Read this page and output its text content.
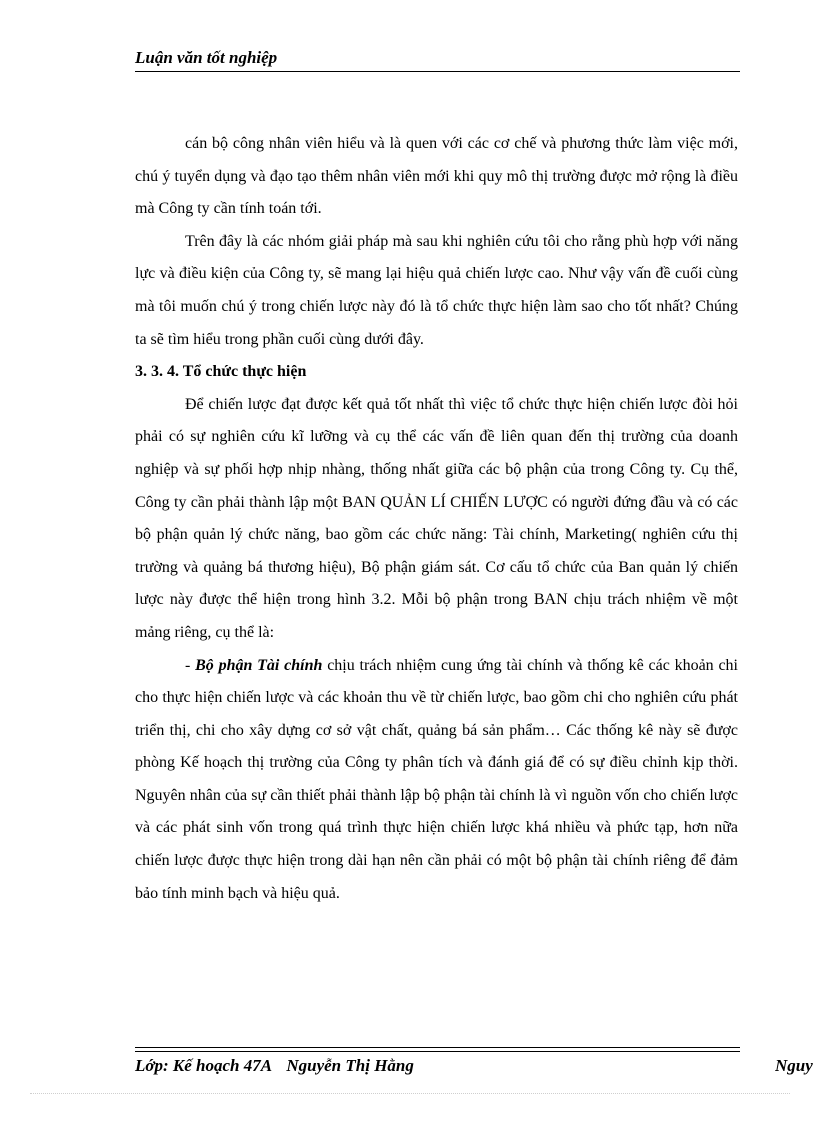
Luận văn tốt nghiệp

cán bộ công nhân viên hiểu và là quen với các cơ chế và phương thức làm việc mới, chú ý tuyển dụng và đạo tạo thêm nhân viên mới khi quy mô thị trường được mở rộng là điều mà Công ty cần tính toán tới.

Trên đây là các nhóm giải pháp mà sau khi nghiên cứu tôi cho rằng phù hợp với năng lực và điều kiện của Công ty, sẽ mang lại hiệu quả chiến lược cao. Như vậy vấn đề cuối cùng mà tôi muốn chú ý trong chiến lược này đó là tổ chức thực hiện làm sao cho tốt nhất? Chúng ta sẽ tìm hiểu trong phần cuối cùng dưới đây.

3. 3. 4. Tổ chức thực hiện

Để chiến lược đạt được kết quả tốt nhất thì việc tổ chức thực hiện chiến lược đòi hỏi phải có sự nghiên cứu kĩ lưỡng và cụ thể các vấn đề liên quan đến thị trường của doanh nghiệp và sự phối hợp nhịp nhàng, thống nhất giữa các bộ phận của trong Công ty. Cụ thể, Công ty cần phải thành lập một BAN QUẢN LÍ CHIẾN LƯỢC có người đứng đầu và có các bộ phận quản lý chức năng, bao gồm các chức năng: Tài chính, Marketing( nghiên cứu thị trường và quảng bá thương hiệu), Bộ phận giám sát. Cơ cấu tổ chức của Ban quản lý chiến lược này được thể hiện trong hình 3.2. Mỗi bộ phận trong BAN chịu trách nhiệm về một mảng riêng, cụ thể là:

- Bộ phận Tài chính chịu trách nhiệm cung ứng tài chính và thống kê các khoản chi cho thực hiện chiến lược và các khoản thu về từ chiến lược, bao gồm chi cho nghiên cứu phát triển thị, chi cho xây dựng cơ sở vật chất, quảng bá sản phẩm… Các thống kê này sẽ được phòng Kế hoạch thị trường của Công ty phân tích và đánh giá để có sự điều chỉnh kịp thời. Nguyên nhân của sự cần thiết phải thành lập bộ phận tài chính là vì nguồn vốn cho chiến lược và các phát sinh vốn trong quá trình thực hiện chiến lược khá nhiều và phức tạp, hơn nữa chiến lược được thực hiện trong dài hạn nên cần phải có một bộ phận tài chính riêng để đảm bảo tính minh bạch và hiệu quả.

Lớp: Kế hoạch 47A Nguyễn Thị Hằng	Nguy
